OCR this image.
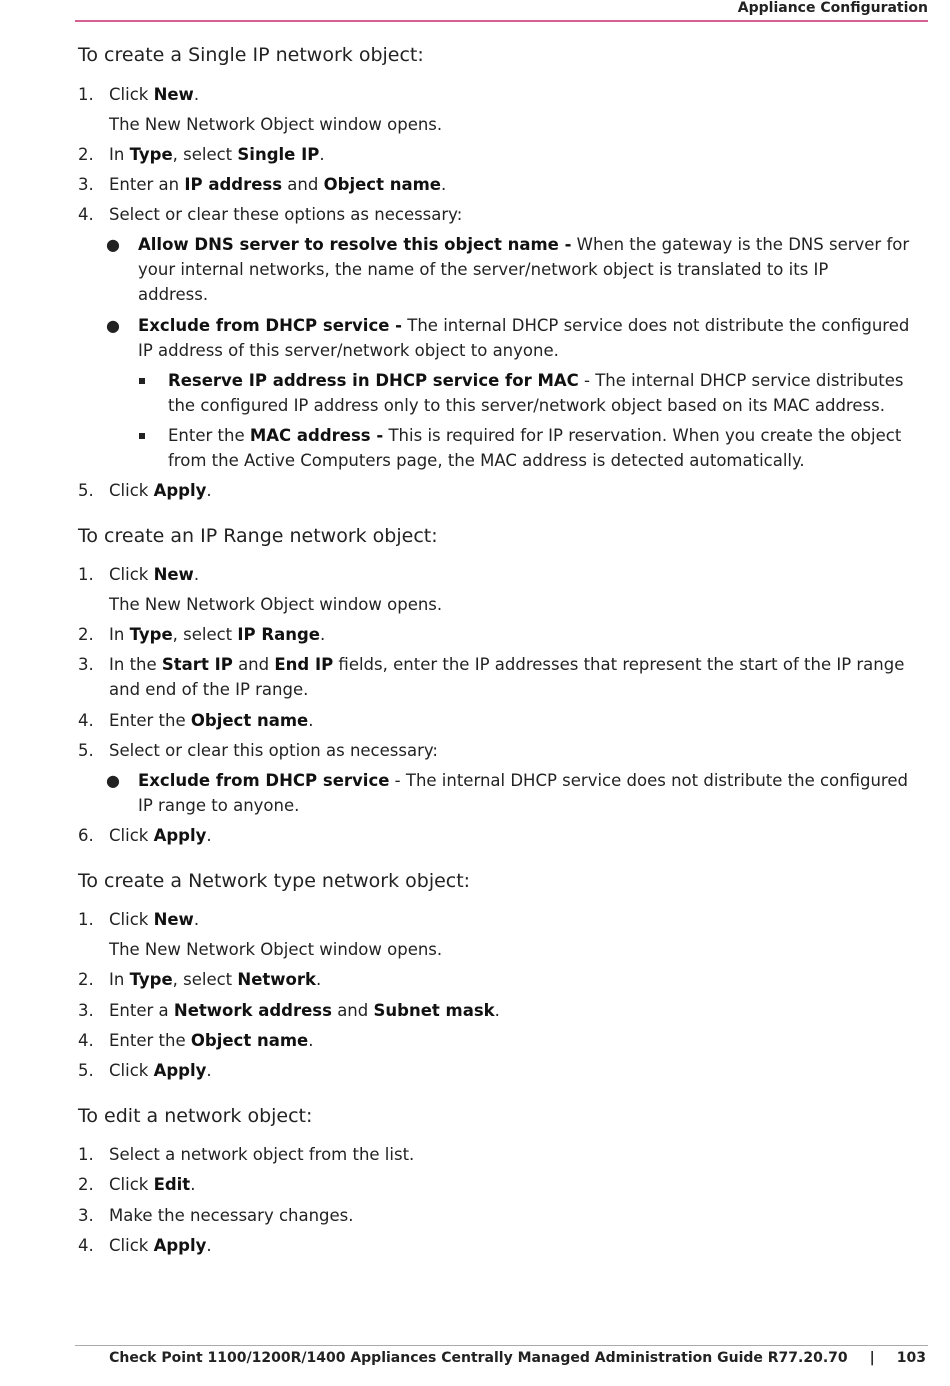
Appliance Configuration
To create a Single IP network object:
1. Click New.
The New Network Object window opens.
2. In Type, select Single IP.
3. Enter an IP address and Object name.
4. Select or clear these options as necessary:
● Allow DNS server to resolve this object name - When the gateway is the DNS server for
your internal networks, the name of the server/network object is translated to its IP
address.
● Exclude from DHCP service - The internal DHCP service does not distribute the configured
IP address of this server/network object to anyone.
Reserve IP address in DHCP service for MAC - The internal DHCP service distributes
the configured IP address only to this server/network object based on its MAC address.
Enter the MAC address - This is required for IP reservation. When you create the object
from the Active Computers page, the MAC address is detected automatically.
5. Click Apply.
To create an IP Range network object:
1. Click New.
The New Network Object window opens.
2. In Type, select IP Range.
3. In the Start IP and End IP fields, enter the IP addresses that represent the start of the IP range
and end of the IP range.
4. Enter the Object name.
5. Select or clear this option as necessary:
● Exclude from DHCP service - The internal DHCP service does not distribute the configured
IP range to anyone.
6. Click Apply.
To create a Network type network object:
1. Click New.
The New Network Object window opens.
2. In Type, select Network.
3. Enter a Network address and Subnet mask.
4. Enter the Object name.
5. Click Apply.
To edit a network object:
1. Select a network object from the list.
2. Click Edit.
3. Make the necessary changes.
4. Click Apply.
Check Point 1100/1200R/1400 Appliances Centrally Managed Administration Guide R77.20.70 | 103
